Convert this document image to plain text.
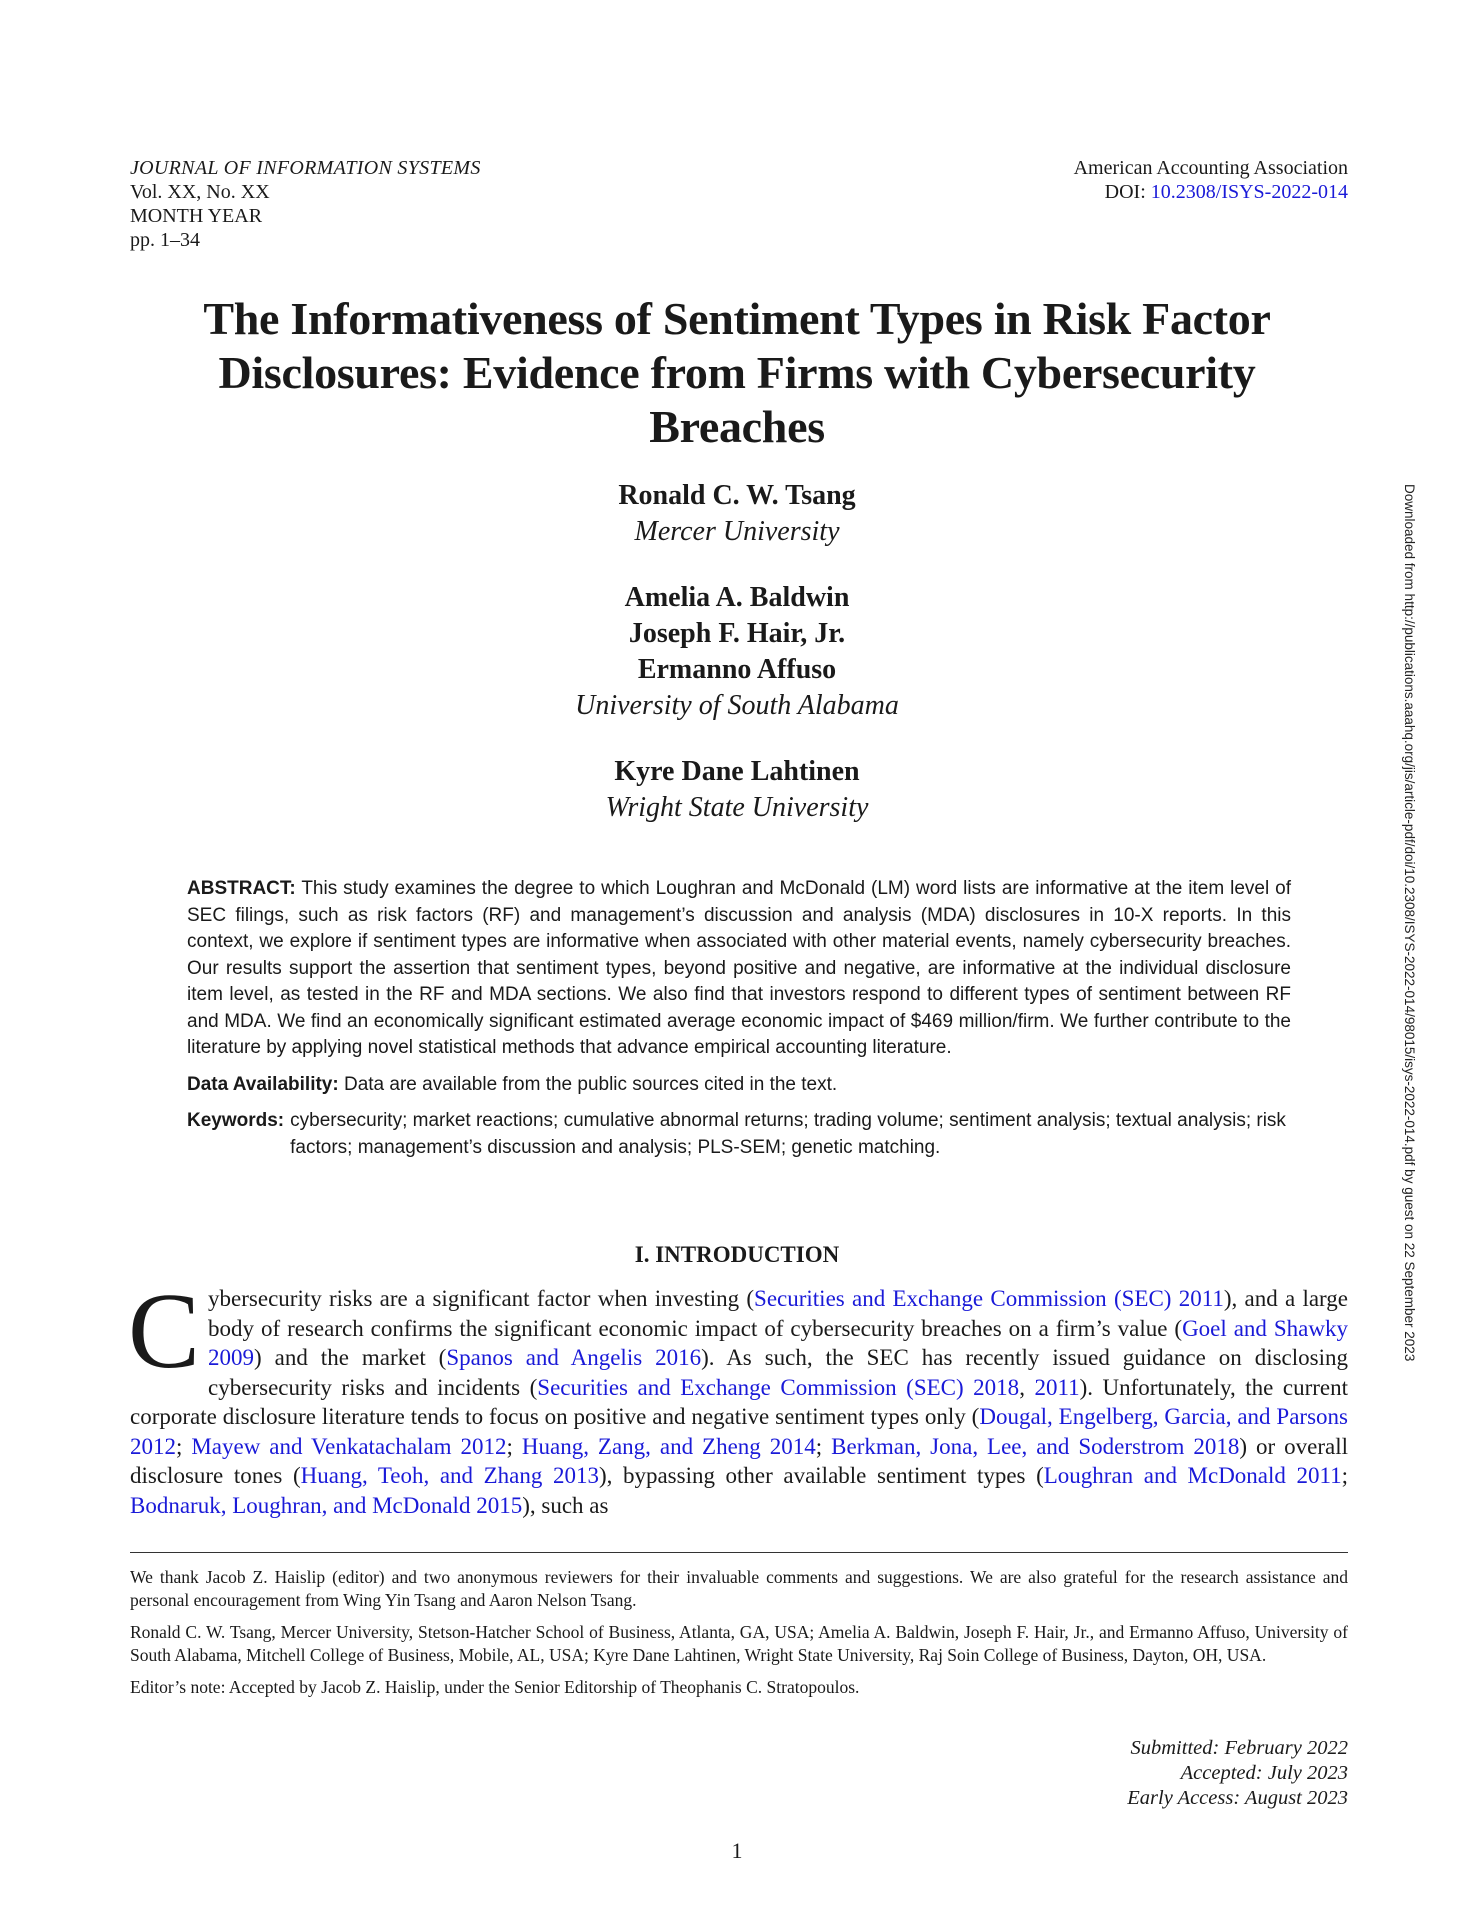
JOURNAL OF INFORMATION SYSTEMS
Vol. XX, No. XX
MONTH YEAR
pp. 1–34
American Accounting Association
DOI: 10.2308/ISYS-2022-014
Downloaded from http://publications.aaahq.org/jis/article-pdf/doi/10.2308/ISYS-2022-014/98015/isys-2022-014.pdf by guest on 22 September 2023
The Informativeness of Sentiment Types in Risk Factor Disclosures: Evidence from Firms with Cybersecurity Breaches
Ronald C. W. Tsang
Mercer University
Amelia A. Baldwin
Joseph F. Hair, Jr.
Ermanno Affuso
University of South Alabama
Kyre Dane Lahtinen
Wright State University

ABSTRACT: This study examines the degree to which Loughran and McDonald (LM) word lists are informative at the item level of SEC filings, such as risk factors (RF) and management’s discussion and analysis (MDA) disclosures in 10-X reports. In this context, we explore if sentiment types are informative when associated with other material events, namely cybersecurity breaches. Our results support the assertion that sentiment types, beyond positive and negative, are informative at the individual disclosure item level, as tested in the RF and MDA sections. We also find that investors respond to different types of sentiment between RF and MDA. We find an economically significant estimated average economic impact of $469 million/firm. We further contribute to the literature by applying novel statistical methods that advance empirical accounting literature.

Data Availability: Data are available from the public sources cited in the text.

Keywords: cybersecurity; market reactions; cumulative abnormal returns; trading volume; sentiment analysis; textual analysis; risk factors; management’s discussion and analysis; PLS-SEM; genetic matching.
I. INTRODUCTION
Cybersecurity risks are a significant factor when investing (Securities and Exchange Commission (SEC) 2011), and a large body of research confirms the significant economic impact of cybersecurity breaches on a firm’s value (Goel and Shawky 2009) and the market (Spanos and Angelis 2016). As such, the SEC has recently issued guidance on disclosing cybersecurity risks and incidents (Securities and Exchange Commission (SEC) 2018, 2011). Unfortunately, the current corporate disclosure literature tends to focus on positive and negative sentiment types only (Dougal, Engelberg, Garcia, and Parsons 2012; Mayew and Venkatachalam 2012; Huang, Zang, and Zheng 2014; Berkman, Jona, Lee, and Soderstrom 2018) or overall disclosure tones (Huang, Teoh, and Zhang 2013), bypassing other available sentiment types (Loughran and McDonald 2011; Bodnaruk, Loughran, and McDonald 2015), such as

We thank Jacob Z. Haislip (editor) and two anonymous reviewers for their invaluable comments and suggestions. We are also grateful for the research assistance and personal encouragement from Wing Yin Tsang and Aaron Nelson Tsang.

Ronald C. W. Tsang, Mercer University, Stetson-Hatcher School of Business, Atlanta, GA, USA; Amelia A. Baldwin, Joseph F. Hair, Jr., and Ermanno Affuso, University of South Alabama, Mitchell College of Business, Mobile, AL, USA; Kyre Dane Lahtinen, Wright State University, Raj Soin College of Business, Dayton, OH, USA.

Editor’s note: Accepted by Jacob Z. Haislip, under the Senior Editorship of Theophanis C. Stratopoulos.

Submitted: February 2022
Accepted: July 2023
Early Access: August 2023
1
